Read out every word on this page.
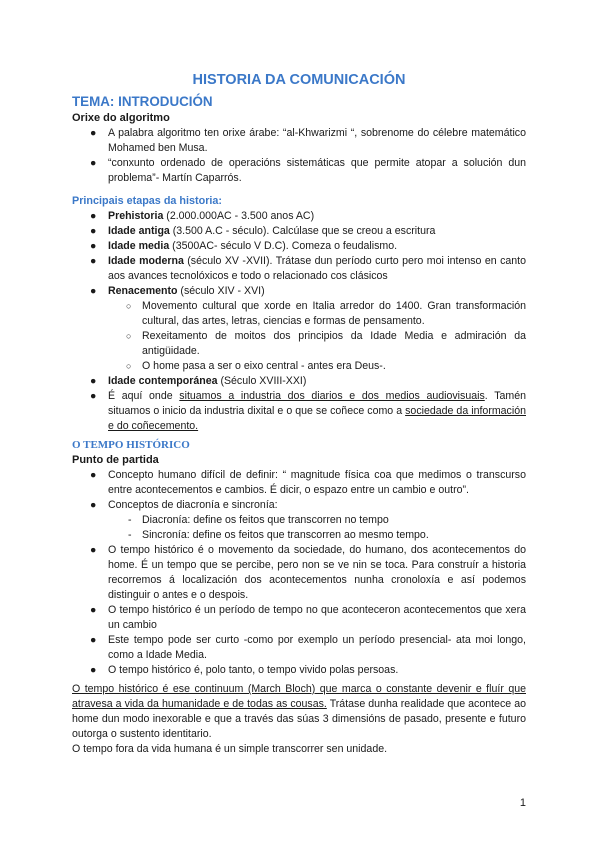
HISTORIA DA COMUNICACIÓN
TEMA: INTRODUCIÓN
Orixe do algoritmo
● A palabra algoritmo ten orixe árabe: “al-Khwarizmi “, sobrenome do célebre matemático Mohamed ben Musa.
● “conxunto ordenado de operacións sistemáticas que permite atopar a solución dun problema”- Martín Caparrós.
Principais etapas da historia:
● Prehistoria (2.000.000AC - 3.500 anos AC)
● Idade antiga (3.500 A.C - século). Calcúlase que se creou a escritura
● Idade media (3500AC- século V D.C). Comeza o feudalismo.
● Idade moderna (século XV -XVII). Trátase dun período curto pero moi intenso en canto aos avances tecnolóxicos e todo o relacionado cos clásicos
● Renacemento (século XIV - XVI)
○ Movemento cultural que xorde en Italia arredor do 1400. Gran transformación cultural, das artes, letras, ciencias e formas de pensamento.
○ Rexeitamento de moitos dos principios da Idade Media e admiración da antigüidade.
○ O home pasa a ser o eixo central - antes era Deus-.
● Idade contemporánea (Século XVIII-XXI)
● É aquí onde situamos a industria dos diarios e dos medios audiovisuais. Tamén situamos o inicio da industria dixital e o que se coñece como a sociedade da información e do coñecemento.
O TEMPO HISTÓRICO
Punto de partida
● Concepto humano difícil de definir: “ magnitude física coa que medimos o transcurso entre acontecementos e cambios. É dicir, o espazo entre un cambio e outro”.
● Conceptos de diacronía e sincronía:
- Diacronía: define os feitos que transcorren no tempo
- Sincronía: define os feitos que transcorren ao mesmo tempo.
● O tempo histórico é o movemento da sociedade, do humano, dos acontecementos do home. É un tempo que se percibe, pero non se ve nin se toca. Para construír a historia recorremos á localización dos acontecementos nunha cronoloxía e así podemos distinguir o antes e o despois.
● O tempo histórico é un período de tempo no que aconteceron acontecementos que xera un cambio
● Este tempo pode ser curto -como por exemplo un período presencial- ata moi longo, como a Idade Media.
● O tempo histórico é, polo tanto, o tempo vivido polas persoas.

O tempo histórico é ese continuum (March Bloch) que marca o constante devenir e fluír que atravesa a vida da humanidade e de todas as cousas. Trátase dunha realidade que acontece ao home dun modo inexorable e que a través das súas 3 dimensións de pasado, presente e futuro outorga o sustento identitario.

O tempo fora da vida humana é un simple transcorrer sen unidade.

1
